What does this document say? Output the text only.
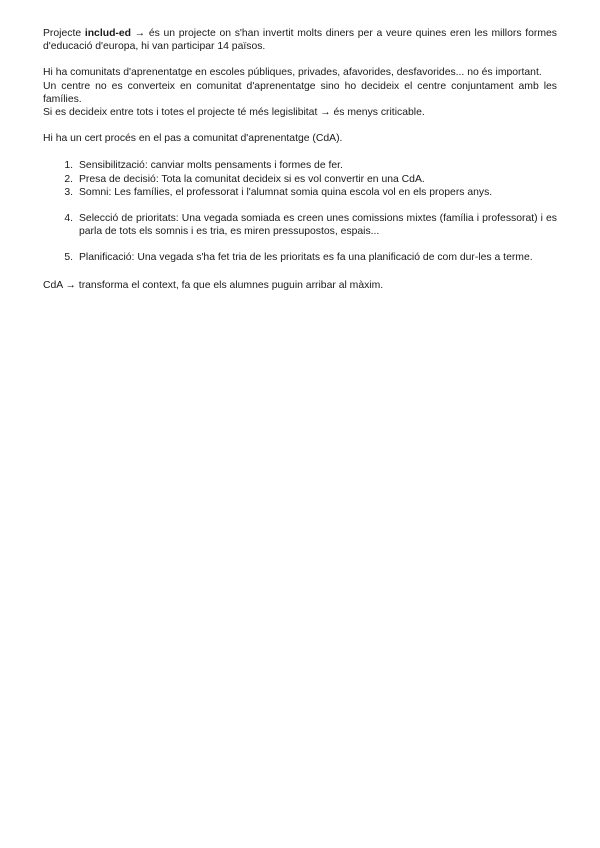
Projecte includ-ed → és un projecte on s'han invertit molts diners per a veure quines eren les millors formes d'educació d'europa, hi van participar 14 països.

Hi ha comunitats d'aprenentatge en escoles públiques, privades, afavorides, desfavorides... no és important.

Un centre no es converteix en comunitat d'aprenentatge sino ho decideix el centre conjuntament amb les famílies.

Si es decideix entre tots i totes el projecte té més legislibitat → és menys criticable.

Hi ha un cert procés en el pas a comunitat d'aprenentatge (CdA).

1. Sensibilització: canviar molts pensaments i formes de fer.
2. Presa de decisió: Tota la comunitat decideix si es vol convertir en una CdA.
3. Somni: Les famílies, el professorat i l'alumnat somia quina escola vol en els propers anys.
4. Selecció de prioritats: Una vegada somiada es creen unes comissions mixtes (família i professorat) i es parla de tots els somnis i es tria, es miren pressupostos, espais...
5. Planificació: Una vegada s'ha fet tria de les prioritats es fa una planificació de com dur-les a terme.

CdA → transforma el context, fa que els alumnes puguin arribar al màxim.
